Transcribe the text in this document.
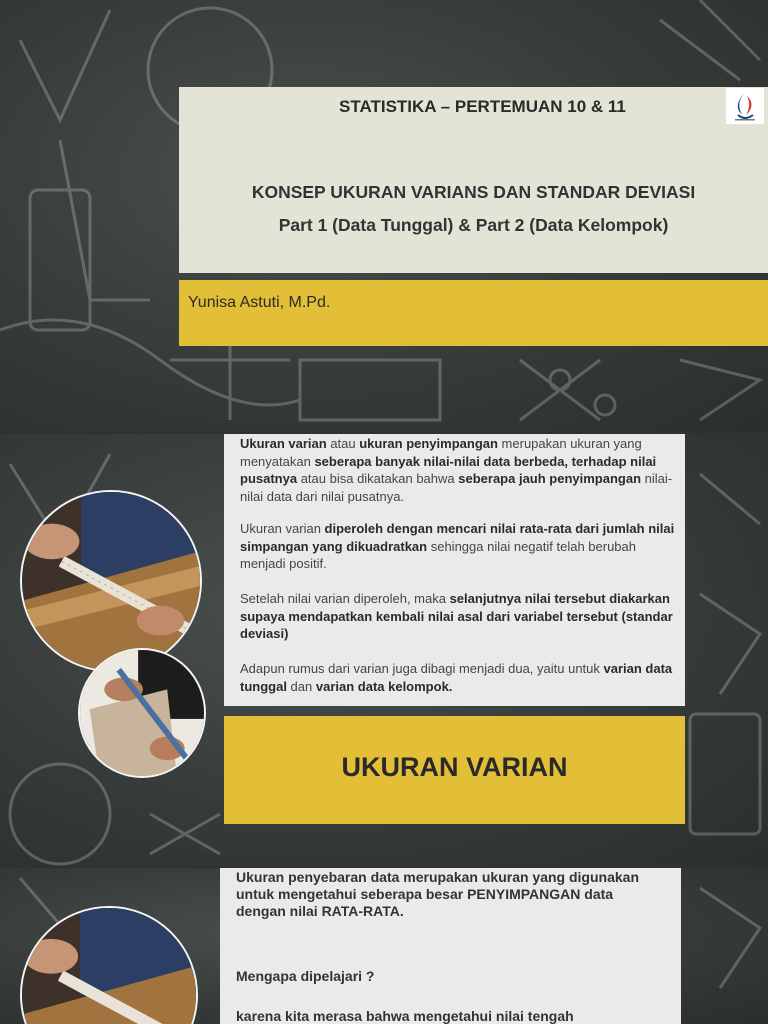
STATISTIKA – PERTEMUAN 10 & 11
KONSEP UKURAN VARIANS DAN STANDAR DEVIASI
Part 1 (Data Tunggal) & Part 2 (Data Kelompok)
Yunisa Astuti, M.Pd.
Ukuran varian atau ukuran penyimpangan merupakan ukuran yang menyatakan seberapa banyak nilai-nilai data berbeda, terhadap nilai pusatnya atau bisa dikatakan bahwa seberapa jauh penyimpangan nilai-nilai data dari nilai pusatnya.
Ukuran varian diperoleh dengan mencari nilai rata-rata dari jumlah nilai simpangan yang dikuadratkan sehingga nilai negatif telah berubah menjadi positif.
Setelah nilai varian diperoleh, maka selanjutnya nilai tersebut diakarkan supaya mendapatkan kembali nilai asal dari variabel tersebut (standar deviasi)
Adapun rumus dari varian juga dibagi menjadi dua, yaitu untuk varian data tunggal dan varian data kelompok.
UKURAN VARIAN
Ukuran penyebaran data merupakan ukuran yang digunakan untuk mengetahui seberapa besar PENYIMPANGAN data dengan nilai RATA-RATA.
Mengapa dipelajari ?
karena kita merasa bahwa mengetahui nilai tengah
